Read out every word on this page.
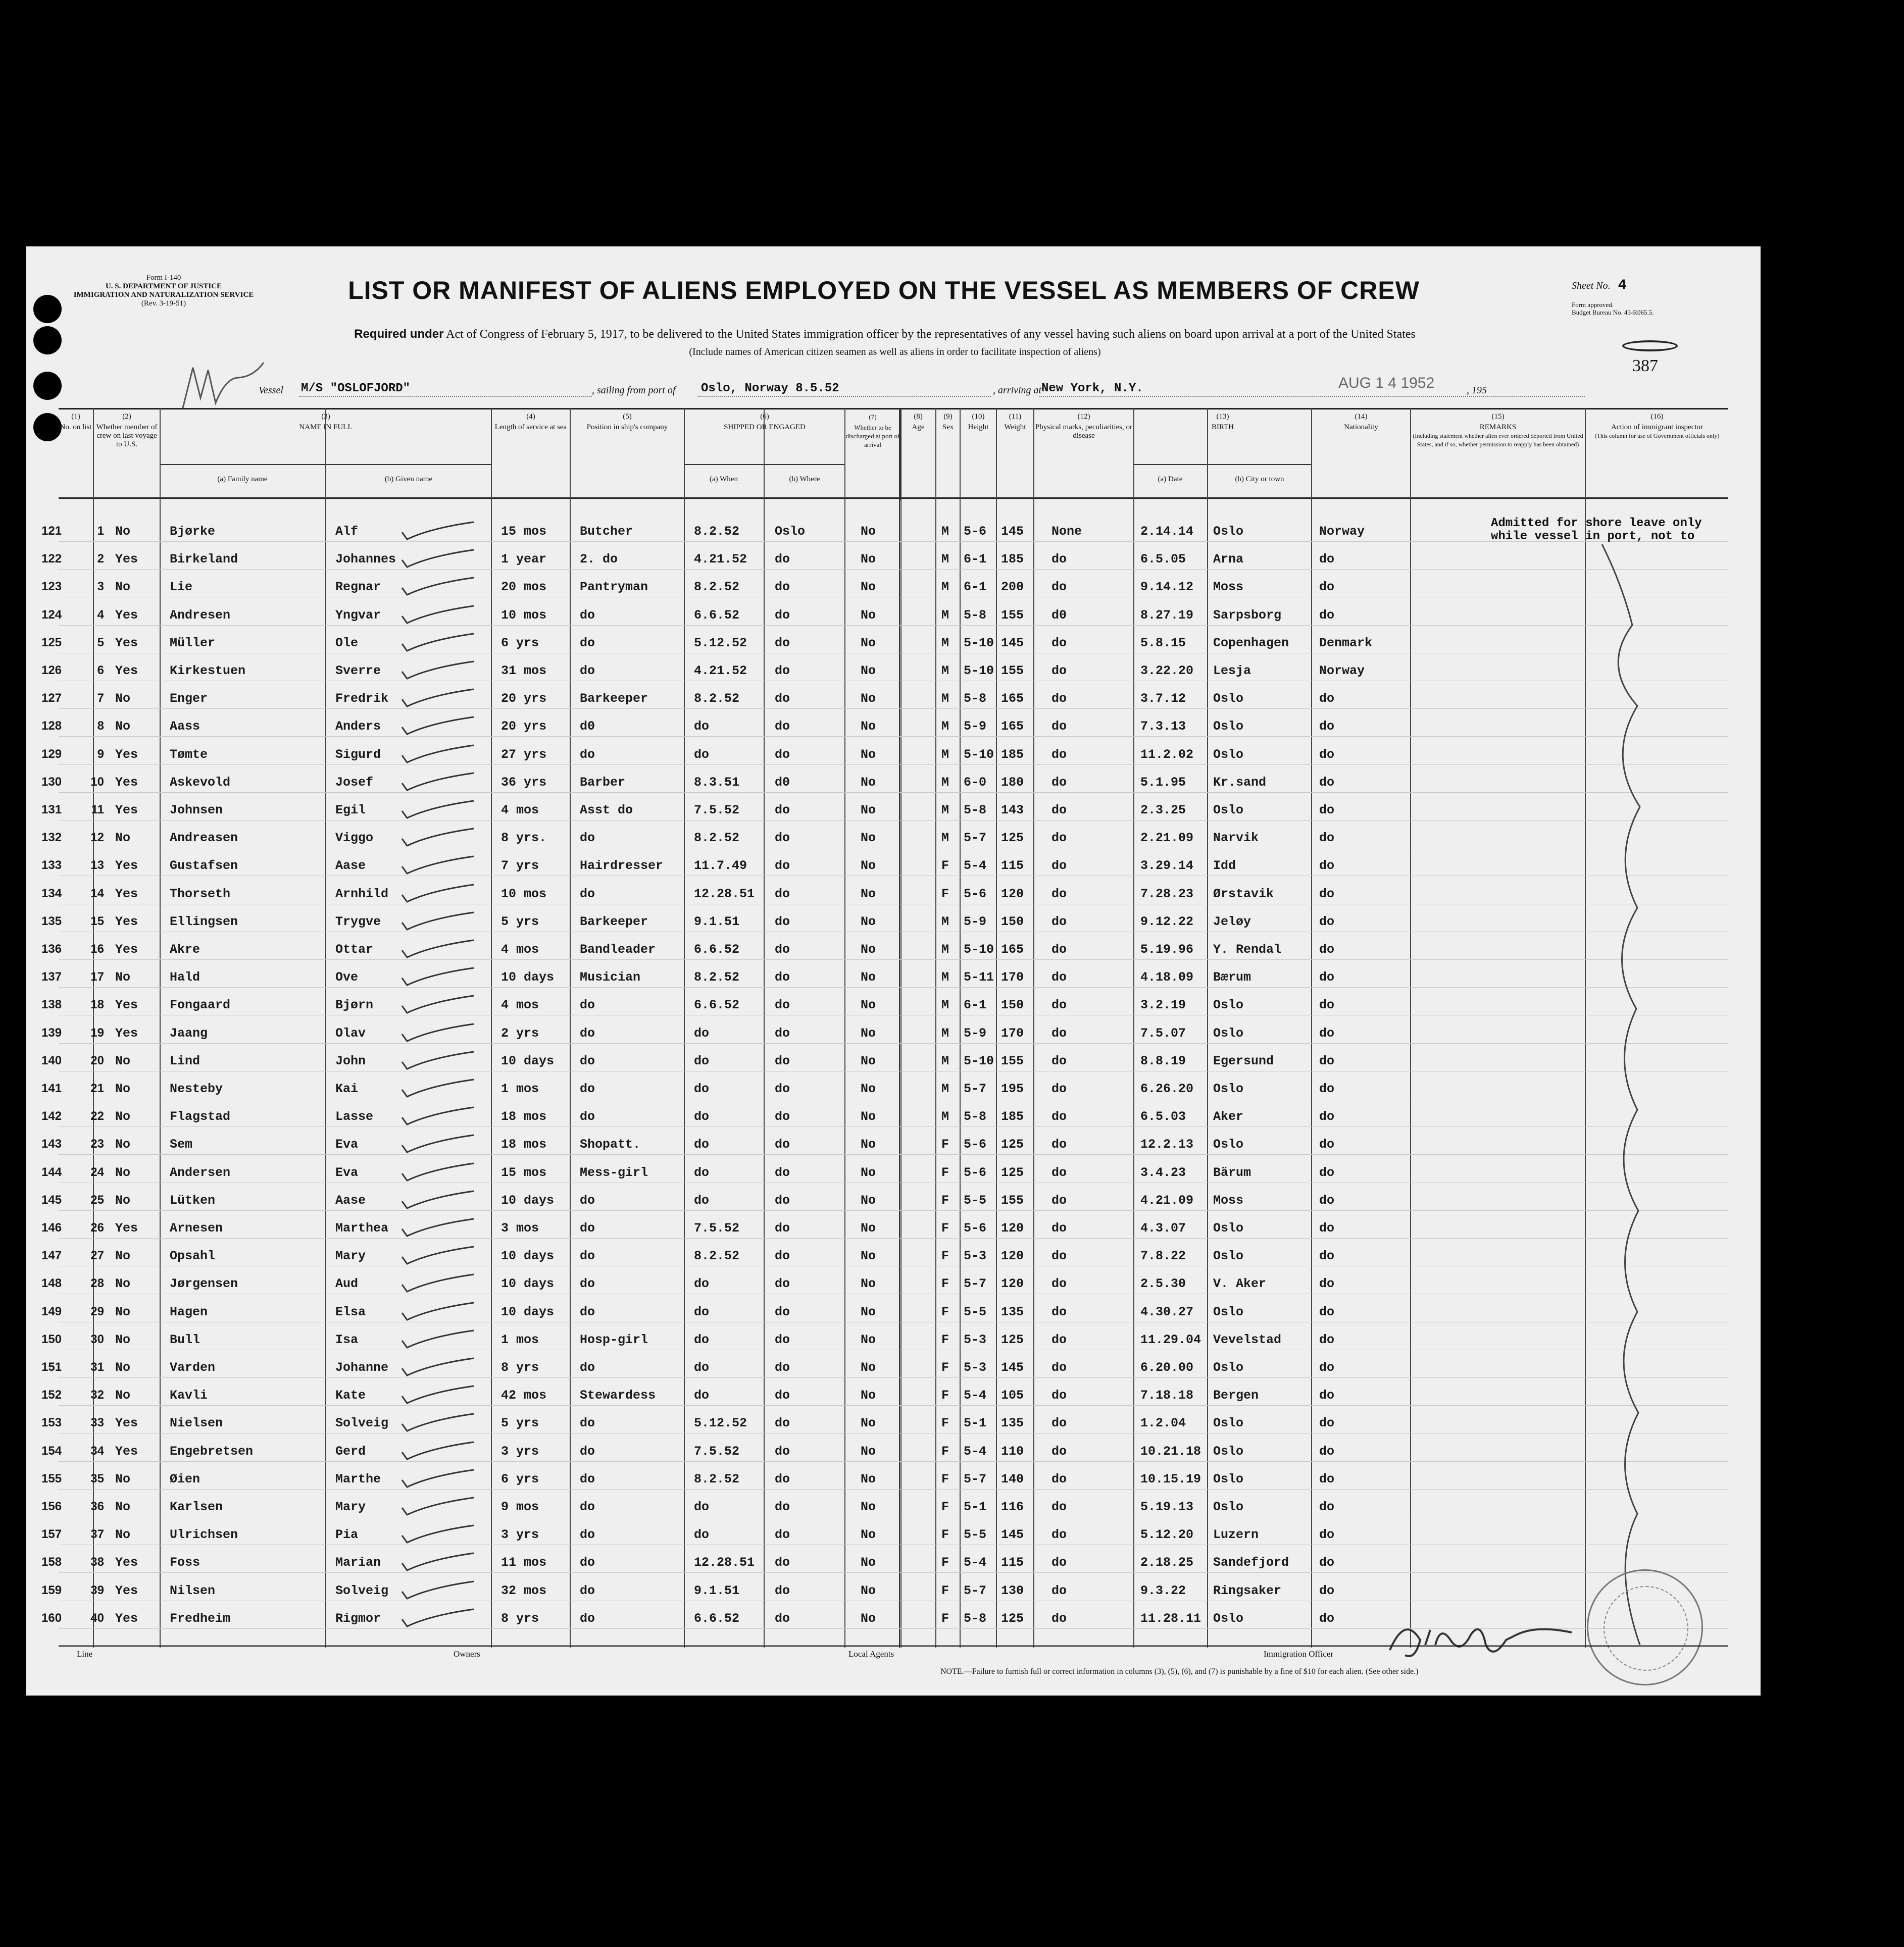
Form I-140
U. S. DEPARTMENT OF JUSTICE
IMMIGRATION AND NATURALIZATION SERVICE
(Rev. 3-19-51)	LIST OR MANIFEST OF ALIENS EMPLOYED ON THE VESSEL AS MEMBERS OF CREW
Required under Act of Congress of February 5, 1917, to be delivered to the United States immigration officer by the representatives of any vessel having such aliens on board upon arrival at a port of the United States
(Include names of American citizen seamen as well as aliens in order to facilitate inspection of aliens)
Sheet No. 4
Form approved.
Budget Bureau No. 43-R065.5.
387
Vessel M/S "OSLOFJORD"	, sailing from port of Oslo, Norway 8.5.52	, arriving at New York, N.Y.	AUG 1 4 1952	, 195
(1)
No. on list
(2)
Whether member of crew on last voyage to U.S.
(3)
NAME IN FULL
(a) Family name	(b) Given name
(4)
Length of service at sea
(5)
Position in ship's company
(6)
SHIPPED OR ENGAGED
(a) When	(b) Where
(7)
Whether to be discharged at port of arrival
(8)
Age
(9)
Sex
(10)
Height
(11)
Weight
(12)
Physical marks, peculiarities, or disease
(13)
BIRTH
(a) Date	(b) City or town
(14)
Nationality
(15)
REMARKS
(Including statement whether alien ever ordered deported from United States, and if so, whether permission to reapply has been obtained)
(16)
Action of immigrant inspector
(This column for use of Government officials only)
121	1 No	Bjørke	Alf	15 mos	Butcher	8.2.52	Oslo	No	M 5-6 145 None	2.14.14 Oslo	Norway
122	2 Yes	Birkeland	Johannes	1 year	2. do	4.21.52 do	No	M 6-1 185 do	6.5.05 Arna	do
123	3 No	Lie	Regnar	20 mos	Pantryman	8.2.52	do	No	M 6-1 200 do	9.14.12 Moss	do
124	4 Yes	Andresen	Yngvar	10 mos	do	6.6.52	do	No	M 5-8 155 d0	8.27.19 Sarpsborg	do
125	5 Yes	Müller	Ole	6 yrs	do	5.12.52 do	No	M 5-10 145 do	5.8.15 Copenhagen Denmark
126	6 Yes	Kirkestuen	Sverre	31 mos	do	4.21.52 do	No	M 5-10 155 do	3.22.20 Lesja	Norway
127	7 No	Enger	Fredrik	20 yrs	Barkeeper	8.2.52	do	No	M 5-8 165 do	3.7.12 Oslo	do
128	8 No	Aass	Anders	20 yrs	d0	do	do	No	M 5-9 165 do	7.3.13 Oslo	do
129	9 Yes	Tømte	Sigurd	27 yrs	do	do	do	No	M 5-10 185 do	11.2.02 Oslo	do
130	10 Yes	Askevold	Josef	36 yrs	Barber	8.3.51	d0	No	M 6-0 180 do	5.1.95 Kr.sand	do
131	11 Yes	Johnsen	Egil	4 mos	Asst do	7.5.52	do	No	M 5-8 143 do	2.3.25 Oslo	do
132	12 No	Andreasen	Viggo	8 yrs.	do	8.2.52	do	No	M 5-7 125 do	2.21.09 Narvik	do
133	13 Yes	Gustafsen	Aase	7 yrs	Hairdresser 11.7.49 do	No	F 5-4 115 do	3.29.14 Idd	do
134	14 Yes	Thorseth	Arnhild	10 mos	do	12.28.51 do	No	F 5-6 120 do	7.28.23 Ørstavik	do
135	15 Yes	Ellingsen	Trygve	5 yrs	Barkeeper	9.1.51	do	No	M 5-9 150 do	9.12.22 Jeløy	do
136	16 Yes	Akre	Ottar	4 mos	Bandleader	6.6.52	do	No	M 5-10 165 do	5.19.96 Y. Rendal	do
137	17 No	Hald	Ove	10 days Musician	8.2.52	do	No	M 5-11 170 do	4.18.09 Bærum	do
138	18 Yes	Fongaard	Bjørn	4 mos	do	6.6.52	do	No	M 6-1 150 do	3.2.19 Oslo	do
139	19 Yes	Jaang	Olav	2 yrs	do	do	do	No	M 5-9 170 do	7.5.07 Oslo	do
140	20 No	Lind	John	10 days do	do	do	No	M 5-10 155 do	8.8.19 Egersund	do
141	21 No	Nesteby	Kai	1 mos	do	do	do	No	M 5-7 195 do	6.26.20 Oslo	do
142	22 No	Flagstad	Lasse	18 mos	do	do	do	No	M 5-8 185 do	6.5.03 Aker	do
143	23 No	Sem	Eva	18 mos	Shopatt.	do	do	No	F 5-6 125 do	12.2.13 Oslo	do
144	24 No	Andersen	Eva	15 mos	Mess-girl	do	do	No	F 5-6 125 do	3.4.23 Bärum	do
145	25 No	Lütken	Aase	10 days do	do	do	No	F 5-5 155 do	4.21.09 Moss	do
146	26 Yes	Arnesen	Marthea	3 mos	do	7.5.52	do	No	F 5-6 120 do	4.3.07 Oslo	do
147	27 No	Opsahl	Mary	10 days do	8.2.52	do	No	F 5-3 120 do	7.8.22 Oslo	do
148	28 No	Jørgensen	Aud	10 days do	do	do	No	F 5-7 120 do	2.5.30 V. Aker	do
149	29 No	Hagen	Elsa	10 days do	do	do	No	F 5-5 135 do	4.30.27 Oslo	do
150	30 No	Bull	Isa	1 mos	Hosp-girl	do	do	No	F 5-3 125 do	11.29.04 Vevelstad	do
151	31 No	Varden	Johanne	8 yrs	do	do	do	No	F 5-3 145 do	6.20.00 Oslo	do
152	32 No	Kavli	Kate	42 mos	Stewardess	do	do	No	F 5-4 105 do	7.18.18 Bergen	do
153	33 Yes	Nielsen	Solveig	5 yrs	do	5.12.52 do	No	F 5-1 135 do	1.2.04 Oslo	do
154	34 Yes	Engebretsen	Gerd	3 yrs	do	7.5.52	do	No	F 5-4 110 do	10.21.18 Oslo	do
155	35 No	Øien	Marthe	6 yrs	do	8.2.52	do	No	F 5-7 140 do	10.15.19 Oslo	do
156	36 No	Karlsen	Mary	9 mos	do	do	do	No	F 5-1 116 do	5.19.13 Oslo	do
157	37 No	Ulrichsen	Pia	3 yrs	do	do	do	No	F 5-5 145 do	5.12.20 Luzern	do
158	38 Yes	Foss	Marian	11 mos	do	12.28.51 do	No	F 5-4 115 do	2.18.25 Sandefjord do
159	39 Yes	Nilsen	Solveig	32 mos	do	9.1.51	do	No	F 5-7 130 do	9.3.22 Ringsaker	do
160	40 Yes	Fredheim	Rigmor	8 yrs	do	6.6.52	do	No	F 5-8 125 do	11.28.11 Oslo	do
Admitted for shore leave only
while vessel in port, not to
Line	Owners	Local Agents	Immigration Officer
NOTE.—Failure to furnish full or correct information in columns (3), (5), (6), and (7) is punishable by a fine of $10 for each alien. (See other side.)
